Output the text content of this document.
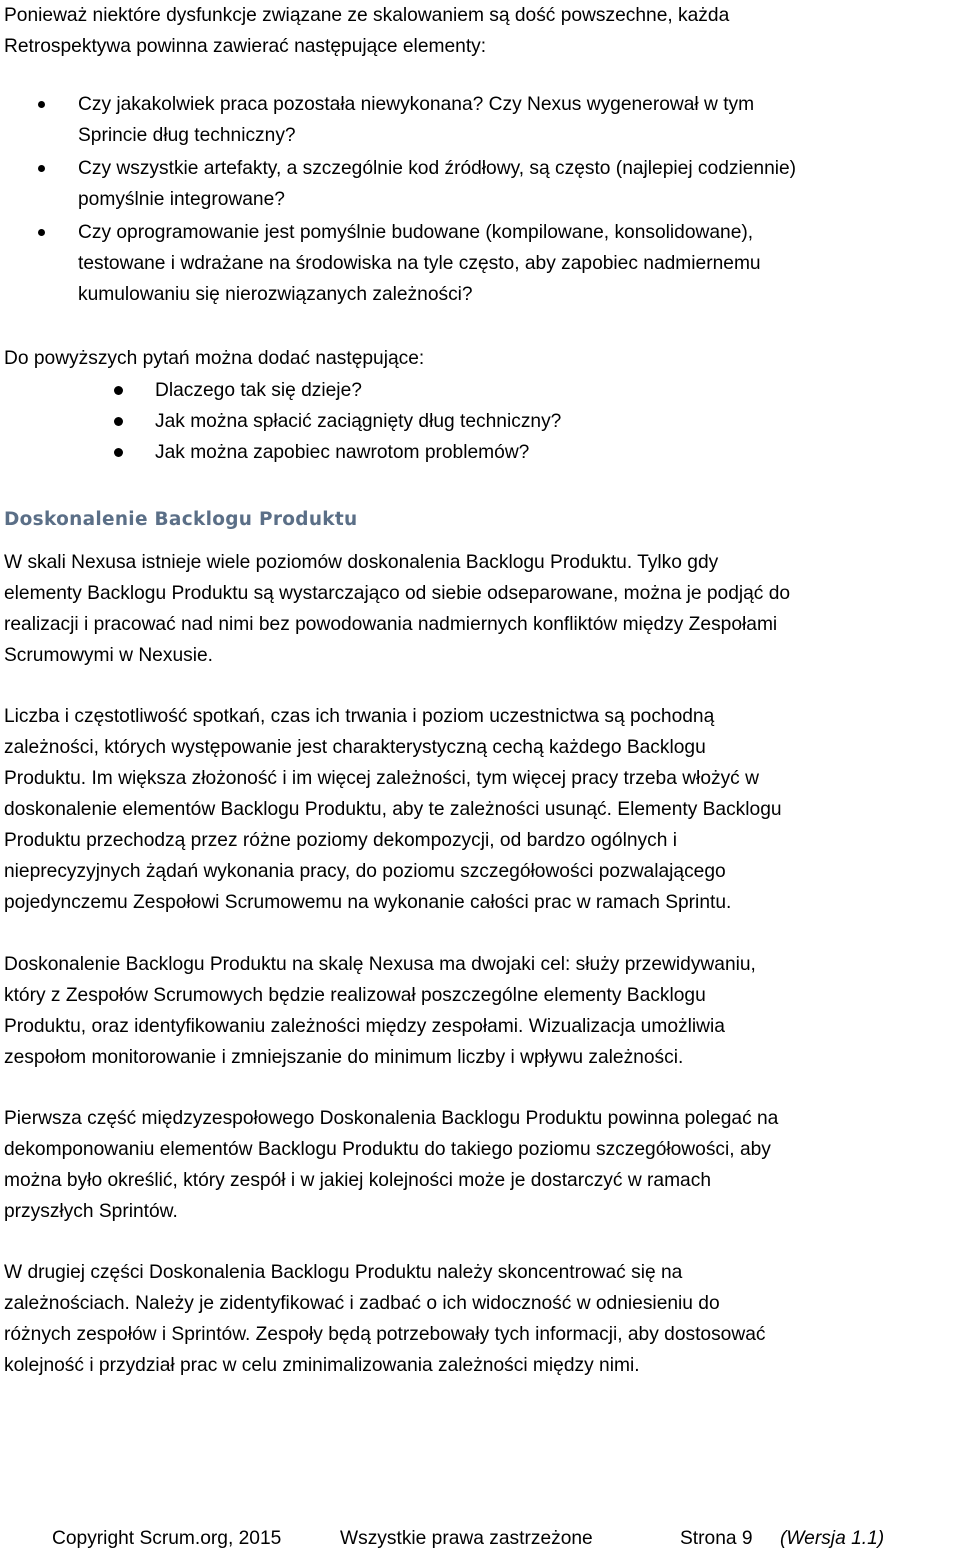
Ponieważ niektóre dysfunkcje związane ze skalowaniem są dość powszechne, każda
Retrospektywa powinna zawierać następujące elementy:

Czy jakakolwiek praca pozostała niewykonana? Czy Nexus wygenerował w tym
Sprincie dług techniczny?
Czy wszystkie artefakty, a szczególnie kod źródłowy, są często (najlepiej codziennie)
pomyślnie integrowane?
Czy oprogramowanie jest pomyślnie budowane (kompilowane, konsolidowane),
testowane i wdrażane na środowiska na tyle często, aby zapobiec nadmiernemu
kumulowaniu się nierozwiązanych zależności?

Do powyższych pytań można dodać następujące:

Dlaczego tak się dzieje?
Jak można spłacić zaciągnięty dług techniczny?
Jak można zapobiec nawrotom problemów?
Doskonalenie Backlogu Produktu

W skali Nexusa istnieje wiele poziomów doskonalenia Backlogu Produktu. Tylko gdy
elementy Backlogu Produktu są wystarczająco od siebie odseparowane, można je podjąć do
realizacji i pracować nad nimi bez powodowania nadmiernych konfliktów między Zespołami
Scrumowymi w Nexusie.

Liczba i częstotliwość spotkań, czas ich trwania i poziom uczestnictwa są pochodną
zależności, których występowanie jest charakterystyczną cechą każdego Backlogu
Produktu. Im większa złożoność i im więcej zależności, tym więcej pracy trzeba włożyć w
doskonalenie elementów Backlogu Produktu, aby te zależności usunąć. Elementy Backlogu
Produktu przechodzą przez różne poziomy dekompozycji, od bardzo ogólnych i
nieprecyzyjnych żądań wykonania pracy, do poziomu szczegółowości pozwalającego
pojedynczemu Zespołowi Scrumowemu na wykonanie całości prac w ramach Sprintu.

Doskonalenie Backlogu Produktu na skalę Nexusa ma dwojaki cel: służy przewidywaniu,
który z Zespołów Scrumowych będzie realizował poszczególne elementy Backlogu
Produktu, oraz identyfikowaniu zależności między zespołami. Wizualizacja umożliwia
zespołom monitorowanie i zmniejszanie do minimum liczby i wpływu zależności.

Pierwsza część międzyzespołowego Doskonalenia Backlogu Produktu powinna polegać na
dekomponowaniu elementów Backlogu Produktu do takiego poziomu szczegółowości, aby
można było określić, który zespół i w jakiej kolejności może je dostarczyć w ramach
przyszłych Sprintów.

W drugiej części Doskonalenia Backlogu Produktu należy skoncentrować się na
zależnościach. Należy je zidentyfikować i zadbać o ich widoczność w odniesieniu do
różnych zespołów i Sprintów. Zespoły będą potrzebowały tych informacji, aby dostosować
kolejność i przydział prac w celu zminimalizowania zależności między nimi.

Copyright Scrum.org, 2015	Wszystkie prawa zastrzeżone	Strona 9 (Wersja 1.1)
